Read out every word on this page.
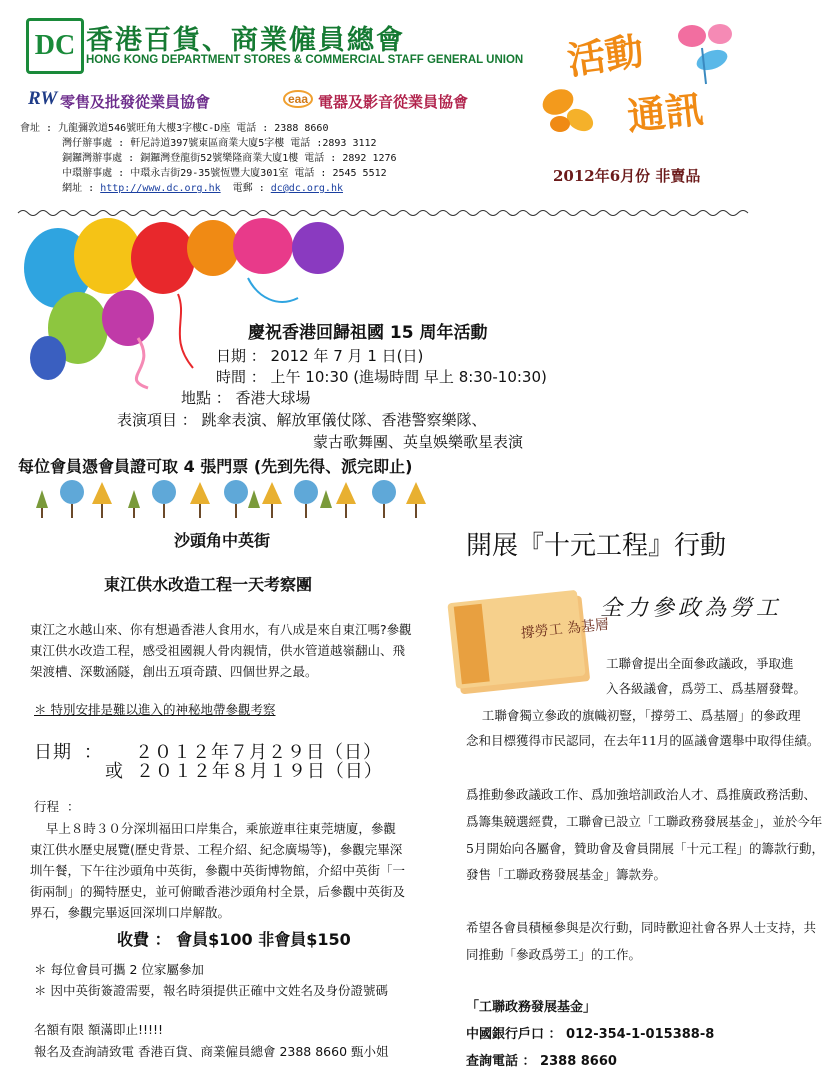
DC 香港百貨、商業僱員總會
HONG KONG DEPARTMENT STORES & COMMERCIAL STAFF GENERAL UNION
RW 零售及批發從業員協會	eaa 電器及影音從業員協會
會址 : 九龍彌敦道546號旺角大樓3字樓C-D座 電話 : 2388 8660
灣仔辦事處 : 軒尼詩道397號東區商業大廈5字樓 電話 :2893 3112
銅鑼灣辦事處 : 銅鑼灣登龍街52號樂隆商業大廈1樓 電話 : 2892 1276
中環辦事處 : 中環永吉街29-35號恆豐大廈301室 電話 : 2545 5512
網址 : http://www.dc.org.hk  電郵 : dc@dc.org.hk
活動
通訊
2012年6月份 非賣品
慶祝香港回歸祖國 15 周年活動
日期 ： 2012 年 7 月 1 日(日)
時間 ： 上午 10:30 (進場時間 早上 8:30-10:30)
地點 ： 香港大球場
表演項目 ： 跳傘表演、解放軍儀仗隊、香港警察樂隊、
蒙古歌舞團、英皇娛樂歌星表演
每位會員憑會員證可取 4 張門票 (先到先得、派完即止)
沙頭角中英街
東江供水改造工程一天考察團
東江之水越山來、你有想過香港人食用水，有八成是來自東江嗎?參觀
東江供水改造工程，感受祖國親人骨肉親情，供水管道越嶺翻山、飛
架渡槽、深數涵隧，創出五項奇蹟、四個世界之最。
＊ 特別安排是難以進入的神秘地帶參觀考察
日期 ： ２０１２年７月２９日（日）
或 ２０１２年８月１９日（日）
行程  ：
早上８時３０分深圳福田口岸集合，乘旅遊車往東莞塘廈，參觀
東江供水歷史展覽(歷史背景、工程介紹、紀念廣場等)，參觀完畢深
圳午餐，下午往沙頭角中英街，參觀中英街博物館，介紹中英街「一
街兩制」的獨特歷史，並可俯瞰香港沙頭角村全景，后參觀中英街及
界石，參觀完畢返回深圳口岸解散。
收費 ： 會員$100 非會員$150
＊ 每位會員可攜 2 位家屬參加
＊ 因中英街簽證需要，報名時須提供正確中文姓名及身份證號碼
名額有限 額滿即止!!!!!
報名及查詢請致電 香港百貨、商業僱員總會 2388 8660 甄小姐
開展『十元工程』行動
撐勞工 為基層
全力參政為勞工
工聯會提出全面參政議政，爭取進
入各級議會，爲勞工、爲基層發聲。
工聯會獨立參政的旗幟初豎，「撐勞工、爲基層」的參政理
念和目標獲得市民認同，在去年11月的區議會選舉中取得佳績。
爲推動參政議政工作、爲加強培訓政治人才、爲推廣政務活動、
爲籌集競選經費，工聯會已設立「工聯政務發展基金」，並於今年
5月開始向各屬會，贊助會及會員開展「十元工程」的籌款行動，
發售「工聯政務發展基金」籌款券。
希望各會員積極參與是次行動，同時歡迎社會各界人士支持，共
同推動「參政爲勞工」的工作。
「工聯政務發展基金」
中國銀行戶口 ： 012-354-1-015388-8
查詢電話 ： 2388 8660
